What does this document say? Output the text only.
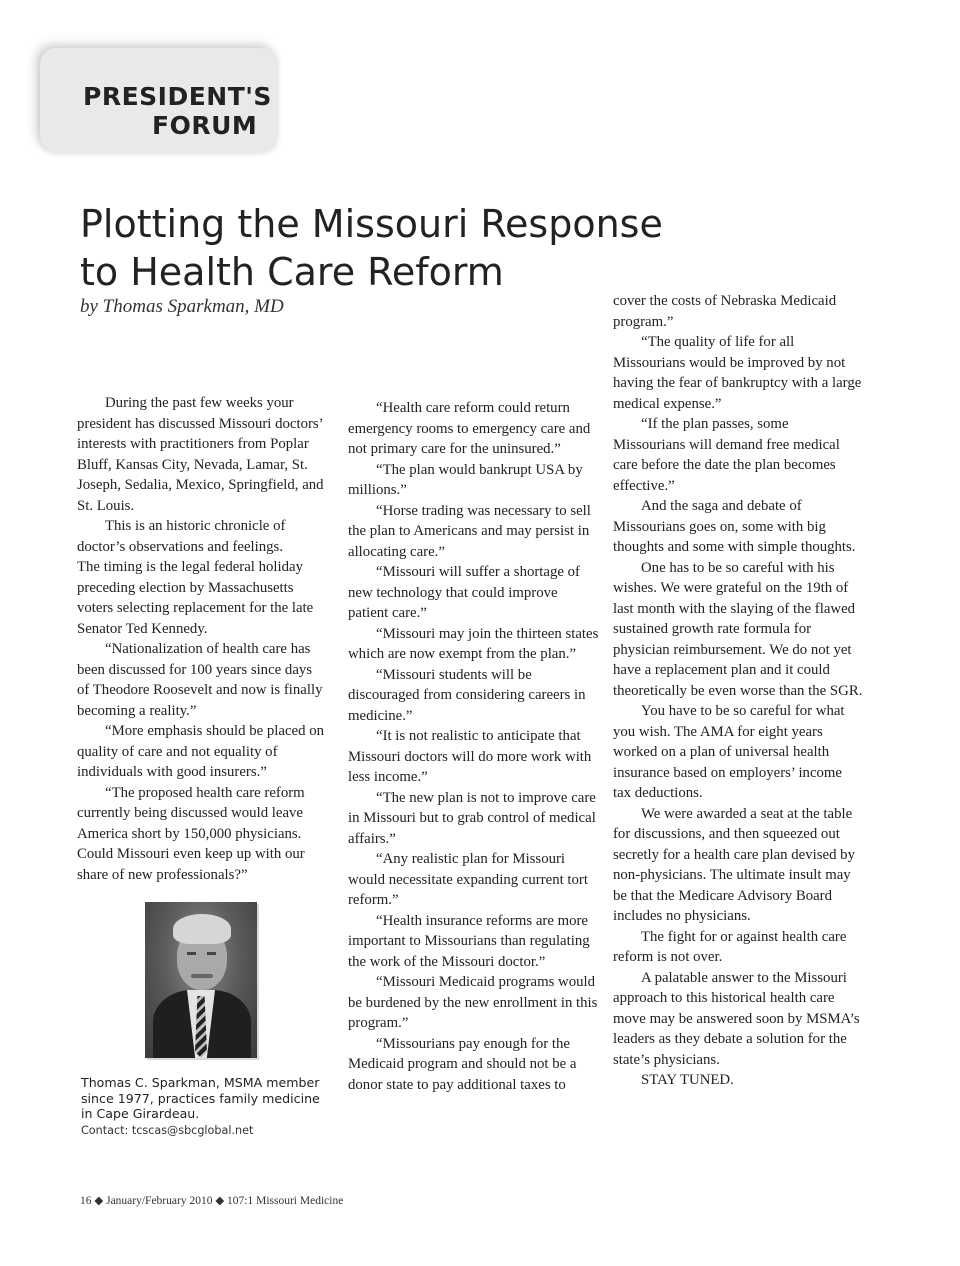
PRESIDENT'S
FORUM
Plotting the Missouri Response
to Health Care Reform
by Thomas Sparkman, MD

During the past few weeks your president has discussed Missouri doctors’ interests with practitioners from Poplar Bluff, Kansas City, Nevada, Lamar, St. Joseph, Sedalia, Mexico, Springfield, and St. Louis.

This is an historic chronicle of doctor’s observations and feelings.

The timing is the legal federal holiday preceding election by Massachusetts voters selecting replacement for the late Senator Ted Kennedy.

“Nationalization of health care has been discussed for 100 years since days of Theodore Roosevelt and now is finally becoming a reality.”

“More emphasis should be placed on quality of care and not equality of individuals with good insurers.”

“The proposed health care reform currently being discussed would leave America short by 150,000 physicians. Could Missouri even keep up with our share of new professionals?”

Thomas C. Sparkman, MSMA member since 1977, practices family medicine in Cape Girardeau.
Contact: tcscas@sbcglobal.net

“Health care reform could return emergency rooms to emergency care and not primary care for the uninsured.”

“The plan would bankrupt USA by millions.”

“Horse trading was necessary to sell the plan to Americans and may persist in allocating care.”

“Missouri will suffer a shortage of new technology that could improve patient care.”

“Missouri may join the thirteen states which are now exempt from the plan.”

“Missouri students will be discouraged from considering careers in medicine.”

“It is not realistic to anticipate that Missouri doctors will do more work with less income.”

“The new plan is not to improve care in Missouri but to grab control of medical affairs.”

“Any realistic plan for Missouri would necessitate expanding current tort reform.”

“Health insurance reforms are more important to Missourians than regulating the work of the Missouri doctor.”

“Missouri Medicaid programs would be burdened by the new enrollment in this program.”

“Missourians pay enough for the Medicaid program and should not be a donor state to pay additional taxes to

cover the costs of Nebraska Medicaid program.”

“The quality of life for all Missourians would be improved by not having the fear of bankruptcy with a large medical expense.”

“If the plan passes, some Missourians will demand free medical care before the date the plan becomes effective.”

And the saga and debate of Missourians goes on, some with big thoughts and some with simple thoughts.

One has to be so careful with his wishes. We were grateful on the 19th of last month with the slaying of the flawed sustained growth rate formula for physician reimbursement. We do not yet have a replacement plan and it could theoretically be even worse than the SGR.

You have to be so careful for what you wish. The AMA for eight years worked on a plan of universal health insurance based on employers’ income tax deductions.

We were awarded a seat at the table for discussions, and then squeezed out secretly for a health care plan devised by non-physicians. The ultimate insult may be that the Medicare Advisory Board includes no physicians.

The fight for or against health care reform is not over.

A palatable answer to the Missouri approach to this historical health care move may be answered soon by MSMA’s leaders as they debate a solution for the state’s physicians.

STAY TUNED.

16 ◆ January/February 2010 ◆ 107:1 Missouri Medicine
